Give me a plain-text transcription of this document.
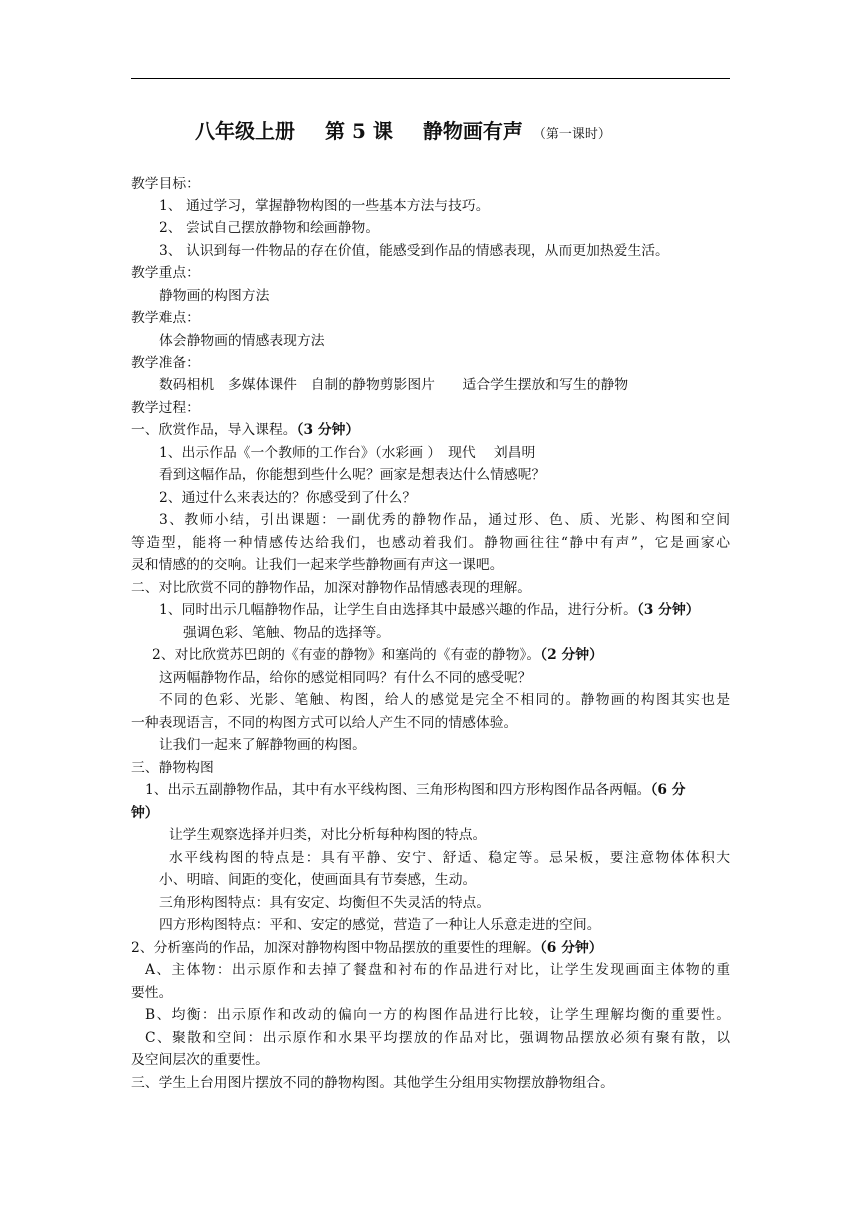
八年级上册 第 5 课 静物画有声 （第一课时）
教学目标：
1、 通过学习，掌握静物构图的一些基本方法与技巧。
2、 尝试自己摆放静物和绘画静物。
3、 认识到每一件物品的存在价值，能感受到作品的情感表现，从而更加热爱生活。
教学重点：
静物画的构图方法
教学难点：
体会静物画的情感表现方法
教学准备：
数码相机　多媒体课件　自制的静物剪影图片　　适合学生摆放和写生的静物
教学过程：
一、欣赏作品，导入课程。（3 分钟）
1、出示作品《一个教师的工作台》（水彩画 ）　现代　 刘昌明
看到这幅作品，你能想到些什么呢？画家是想表达什么情感呢？
2、通过什么来表达的？你感受到了什么？
3、教师小结，引出课题：一副优秀的静物作品，通过形、色、质、光影、构图和空间
等造型，能将一种情感传达给我们，也感动着我们。静物画往往“静中有声”，它是画家心
灵和情感的的交响。让我们一起来学些静物画有声这一课吧。
二、对比欣赏不同的静物作品，加深对静物作品情感表现的理解。
1、同时出示几幅静物作品，让学生自由选择其中最感兴趣的作品，进行分析。（3 分钟）
强调色彩、笔触、物品的选择等。
2、对比欣赏苏巴朗的《有壶的静物》和塞尚的《有壶的静物》。（2 分钟）
这两幅静物作品，给你的感觉相同吗？有什么不同的感受呢？
不同的色彩、光影、笔触、构图，给人的感觉是完全不相同的。静物画的构图其实也是
一种表现语言，不同的构图方式可以给人产生不同的情感体验。
让我们一起来了解静物画的构图。
三、静物构图
1、出示五副静物作品，其中有水平线构图、三角形构图和四方形构图作品各两幅。（6 分
钟）
让学生观察选择并归类，对比分析每种构图的特点。
水平线构图的特点是：具有平静、安宁、舒适、稳定等。忌呆板，要注意物体体积大
小、明暗、间距的变化，使画面具有节奏感，生动。
三角形构图特点：具有安定、均衡但不失灵活的特点。
四方形构图特点：平和、安定的感觉，营造了一种让人乐意走进的空间。
2、分析塞尚的作品，加深对静物构图中物品摆放的重要性的理解。（6 分钟）
A、主体物：出示原作和去掉了餐盘和衬布的作品进行对比，让学生发现画面主体物的重
要性。
B、均衡：出示原作和改动的偏向一方的构图作品进行比较，让学生理解均衡的重要性。
C、聚散和空间：出示原作和水果平均摆放的作品对比，强调物品摆放必须有聚有散，以
及空间层次的重要性。
三、学生上台用图片摆放不同的静物构图。其他学生分组用实物摆放静物组合。
